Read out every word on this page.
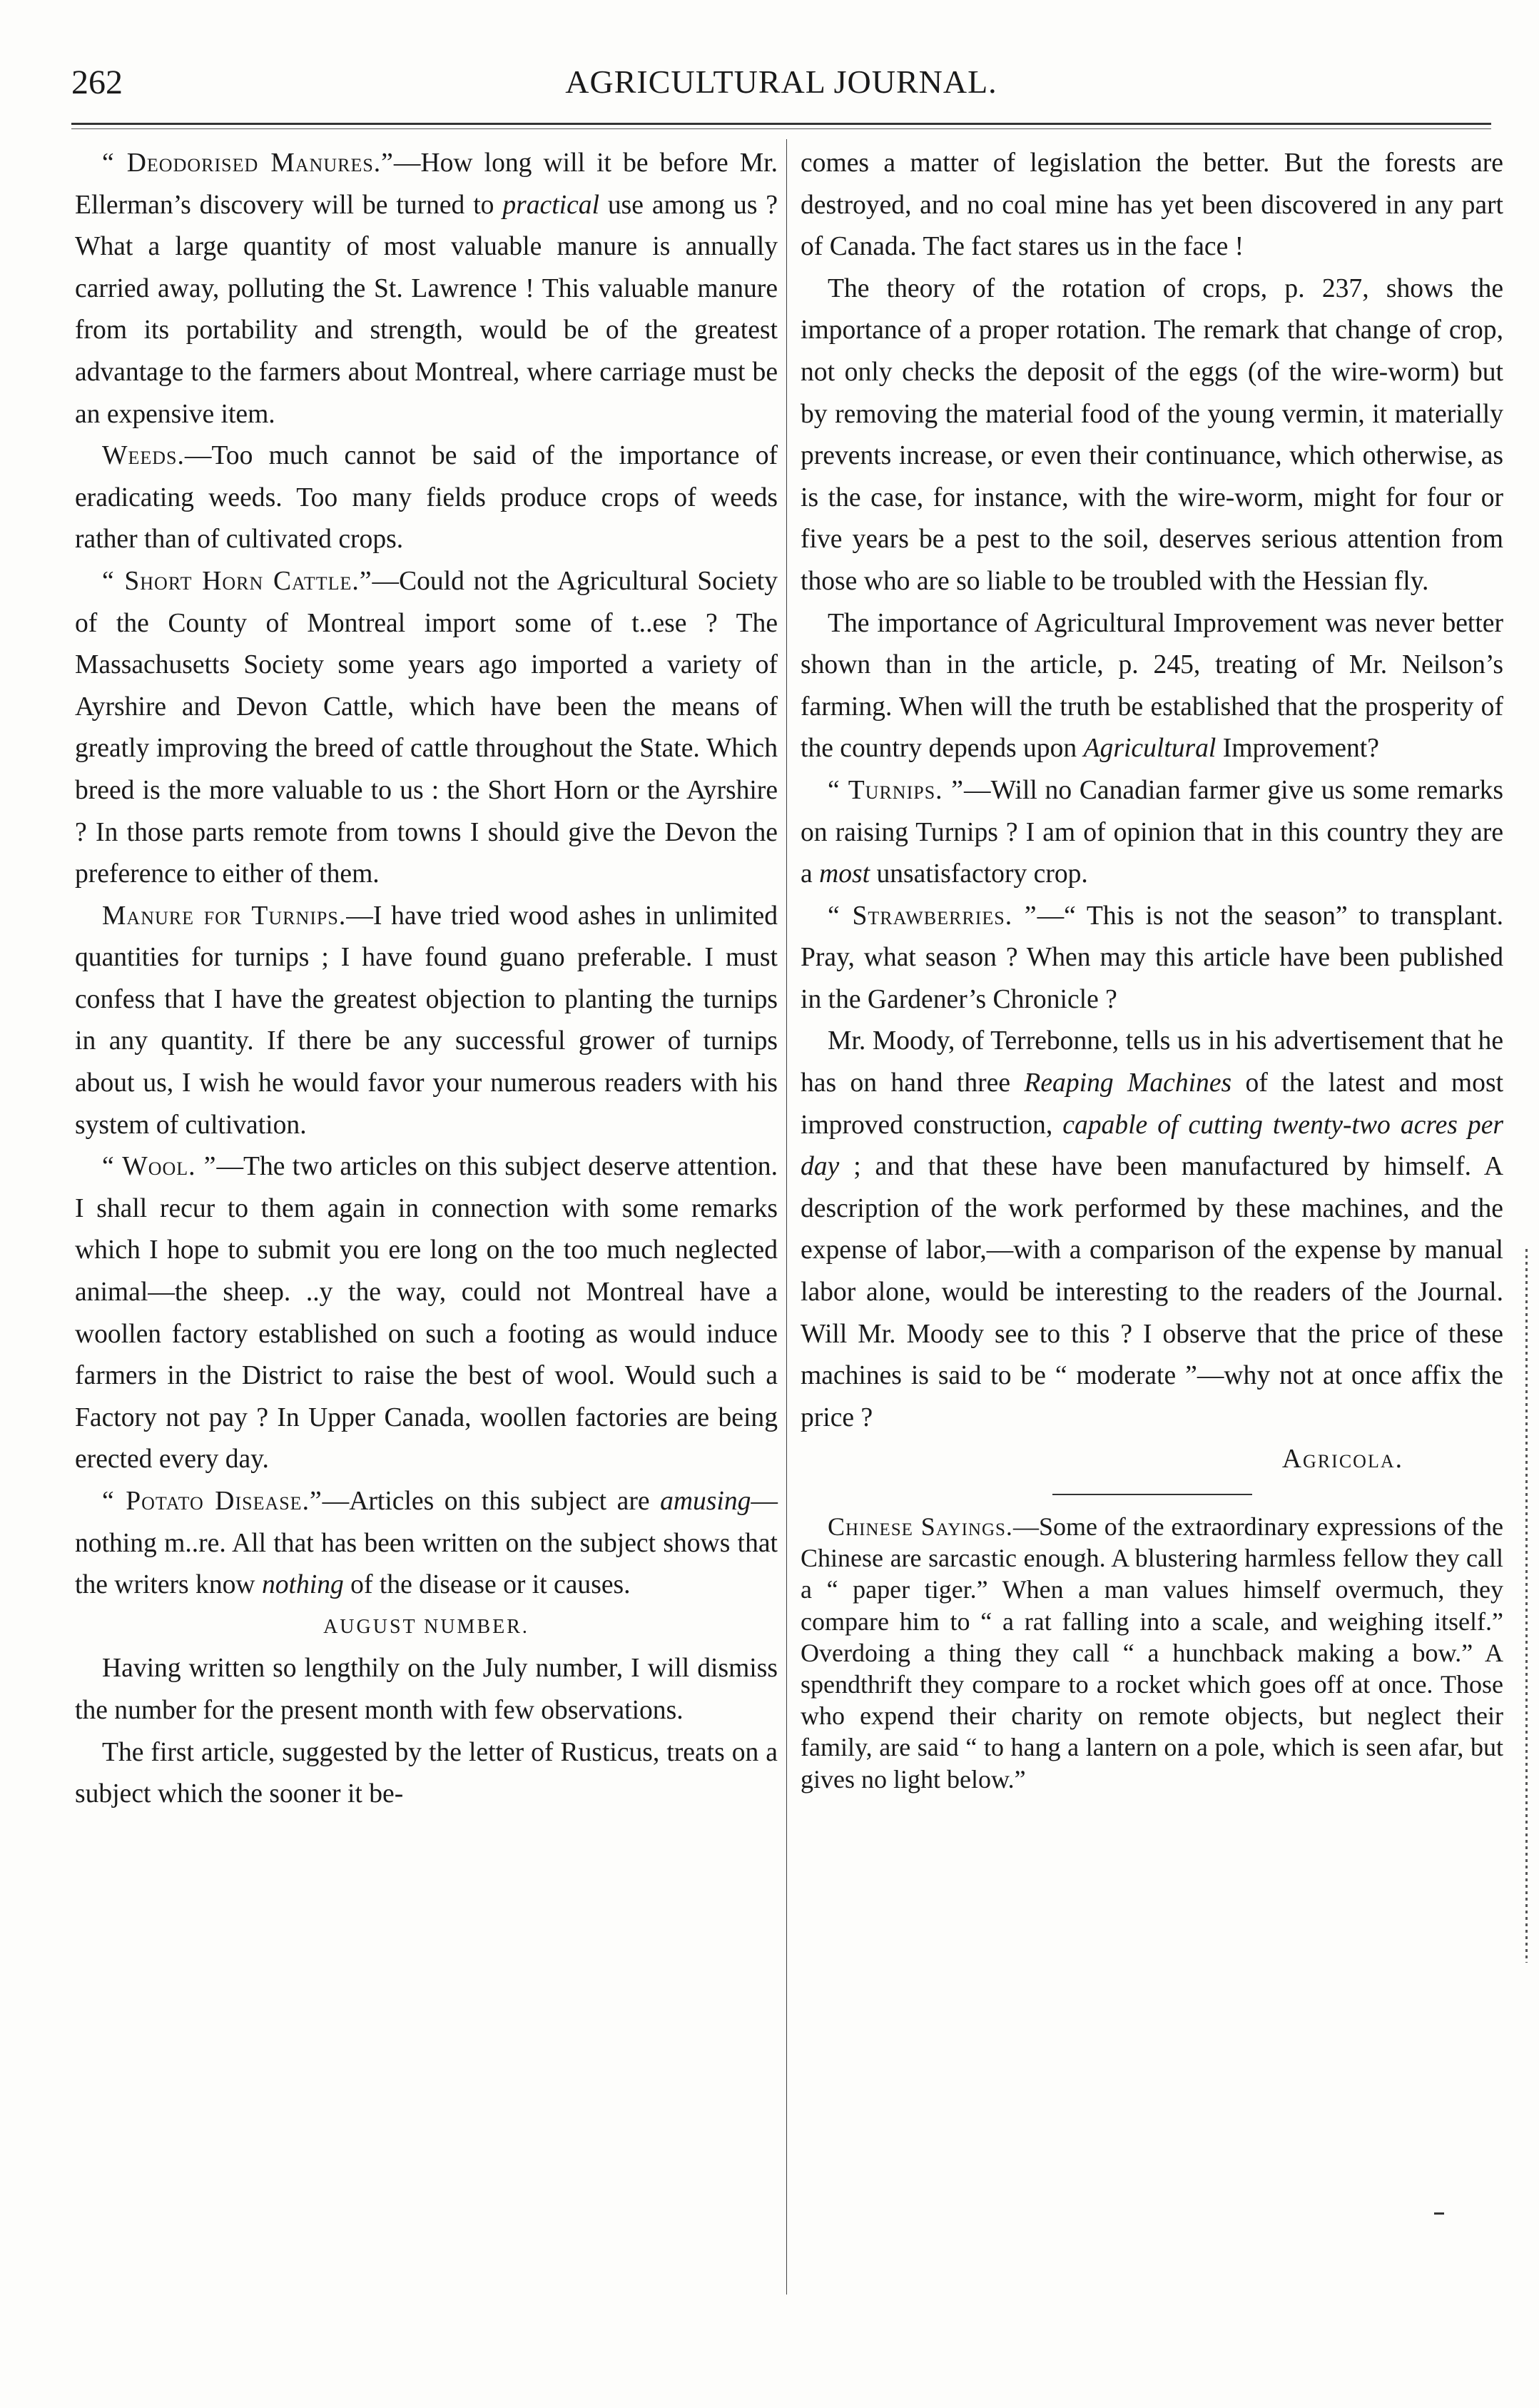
262	AGRICULTURAL JOURNAL.

“ Deodorised Manures.”—How long will it be before Mr. Ellerman’s discovery will be turned to practical use among us ? What a large quantity of most valuable manure is annually carried away, polluting the St. Lawrence ! This valuable manure from its portability and strength, would be of the greatest advantage to the farmers about Montreal, where carriage must be an expensive item.

Weeds.—Too much cannot be said of the importance of eradicating weeds. Too many fields produce crops of weeds rather than of cultivated crops.

“ Short Horn Cattle.”—Could not the Agricultural Society of the County of Montreal import some of t..ese ? The Massachusetts Society some years ago imported a variety of Ayrshire and Devon Cattle, which have been the means of greatly improving the breed of cattle throughout the State. Which breed is the more valuable to us : the Short Horn or the Ayrshire ? In those parts remote from towns I should give the Devon the preference to either of them.

Manure for Turnips.—I have tried wood ashes in unlimited quantities for turnips ; I have found guano preferable. I must confess that I have the greatest objection to planting the turnips in any quantity. If there be any successful grower of turnips about us, I wish he would favor your numerous readers with his system of cultivation.

“ Wool. ”—The two articles on this subject deserve attention. I shall recur to them again in connection with some remarks which I hope to submit you ere long on the too much neglected animal—the sheep. ..y the way, could not Montreal have a woollen factory established on such a footing as would induce farmers in the District to raise the best of wool. Would such a Factory not pay ? In Upper Canada, woollen factories are being erected every day.

“ Potato Disease.”—Articles on this subject are amusing—nothing m..re. All that has been written on the subject shows that the writers know nothing of the disease or it causes.

AUGUST NUMBER.

Having written so lengthily on the July number, I will dismiss the number for the present month with few observations.

The first article, suggested by the letter of Rusticus, treats on a subject which the sooner it be-

comes a matter of legislation the better. But the forests are destroyed, and no coal mine has yet been discovered in any part of Canada. The fact stares us in the face !

The theory of the rotation of crops, p. 237, shows the importance of a proper rotation. The remark that change of crop, not only checks the deposit of the eggs (of the wire-worm) but by removing the material food of the young vermin, it materially prevents increase, or even their continuance, which otherwise, as is the case, for instance, with the wire-worm, might for four or five years be a pest to the soil, deserves serious attention from those who are so liable to be troubled with the Hessian fly.

The importance of Agricultural Improvement was never better shown than in the article, p. 245, treating of Mr. Neilson’s farming. When will the truth be established that the prosperity of the country depends upon Agricultural Improvement?

“ Turnips. ”—Will no Canadian farmer give us some remarks on raising Turnips ? I am of opinion that in this country they are a most unsatisfactory crop.

“ Strawberries. ”—“ This is not the season” to transplant. Pray, what season ? When may this article have been published in the Gardener’s Chronicle ?

Mr. Moody, of Terrebonne, tells us in his advertisement that he has on hand three Reaping Machines of the latest and most improved construction, capable of cutting twenty-two acres per day ; and that these have been manufactured by himself. A description of the work performed by these machines, and the expense of labor,—with a comparison of the expense by manual labor alone, would be interesting to the readers of the Journal. Will Mr. Moody see to this ? I observe that the price of these machines is said to be “ moderate ”—why not at once affix the price ?

Agricola.

Chinese Sayings.—Some of the extraordinary expressions of the Chinese are sarcastic enough. A blustering harmless fellow they call a “ paper tiger.” When a man values himself overmuch, they compare him to “ a rat falling into a scale, and weighing itself.” Overdoing a thing they call “ a hunchback making a bow.” A spendthrift they compare to a rocket which goes off at once. Those who expend their charity on remote objects, but neglect their family, are said “ to hang a lantern on a pole, which is seen afar, but gives no light below.”
